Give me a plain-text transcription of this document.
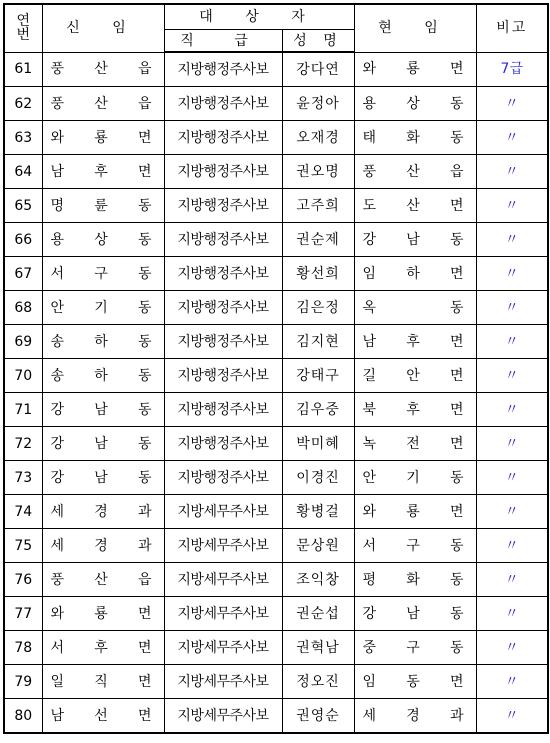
연
번	신 임	대 상 자		현 임	비고
		직 급	성 명		
61	풍 산 읍	지방행정주사보	강다연	와 룡 면	7급
62	풍 산 읍	지방행정주사보	윤정아	용 상 동	〃
63	와 룡 면	지방행정주사보	오재경	태 화 동	〃
64	남 후 면	지방행정주사보	권오명	풍 산 읍	〃
65	명 륜 동	지방행정주사보	고주희	도 산 면	〃
66	용 상 동	지방행정주사보	권순제	강 남 동	〃
67	서 구 동	지방행정주사보	황선희	임 하 면	〃
68	안 기 동	지방행정주사보	김은정	옥 동	〃
69	송 하 동	지방행정주사보	김지현	남 후 면	〃
70	송 하 동	지방행정주사보	강태구	길 안 면	〃
71	강 남 동	지방행정주사보	김우중	북 후 면	〃
72	강 남 동	지방행정주사보	박미혜	녹 전 면	〃
73	강 남 동	지방행정주사보	이경진	안 기 동	〃
74	세 경 과	지방세무주사보	황병걸	와 룡 면	〃
75	세 경 과	지방세무주사보	문상원	서 구 동	〃
76	풍 산 읍	지방세무주사보	조익창	평 화 동	〃
77	와 룡 면	지방세무주사보	권순섭	강 남 동	〃
78	서 후 면	지방세무주사보	권혁남	중 구 동	〃
79	일 직 면	지방세무주사보	정오진	임 동 면	〃
80	남 선 면	지방세무주사보	권영순	세 경 과	〃
